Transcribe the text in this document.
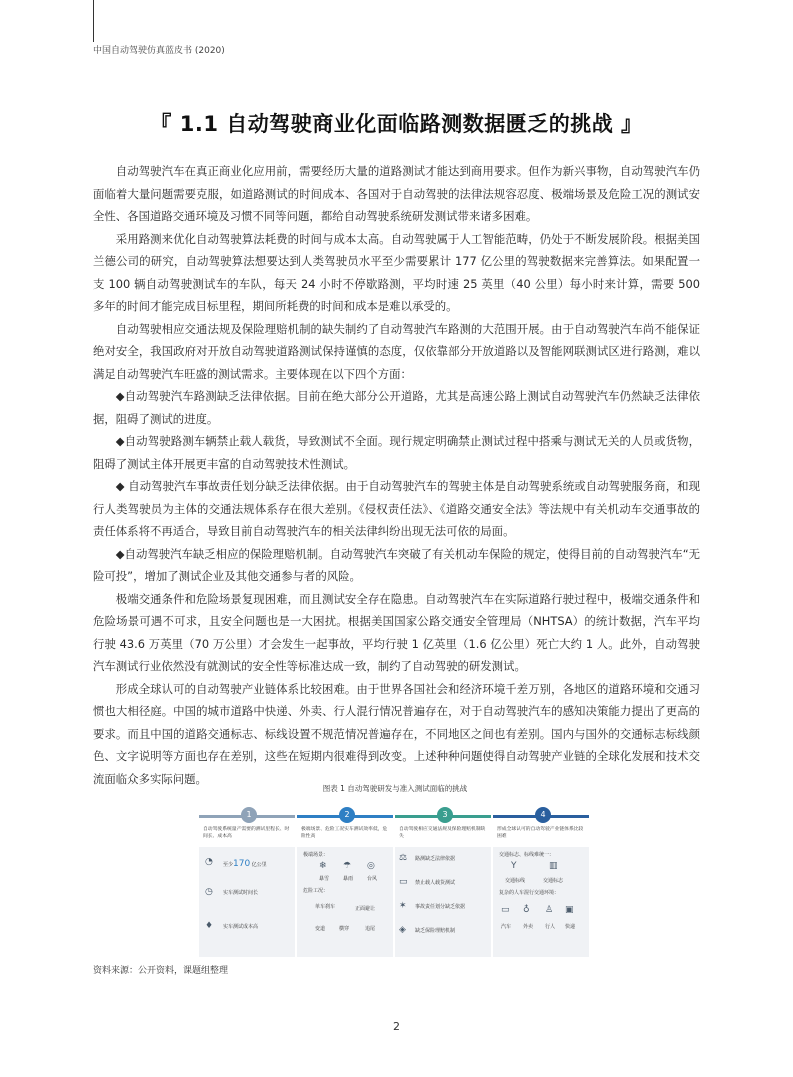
中国自动驾驶仿真蓝皮书 (2020)
『 1.1 自动驾驶商业化面临路测数据匮乏的挑战 』

自动驾驶汽车在真正商业化应用前，需要经历大量的道路测试才能达到商用要求。但作为新兴事物，自动驾驶汽车仍面临着大量问题需要克服，如道路测试的时间成本、各国对于自动驾驶的法律法规容忍度、极端场景及危险工况的测试安全性、各国道路交通环境及习惯不同等问题，都给自动驾驶系统研发测试带来诸多困难。

采用路测来优化自动驾驶算法耗费的时间与成本太高。自动驾驶属于人工智能范畴，仍处于不断发展阶段。根据美国兰德公司的研究，自动驾驶算法想要达到人类驾驶员水平至少需要累计 177 亿公里的驾驶数据来完善算法。如果配置一支 100 辆自动驾驶测试车的车队，每天 24 小时不停歇路测，平均时速 25 英里（40 公里）每小时来计算，需要 500 多年的时间才能完成目标里程，期间所耗费的时间和成本是难以承受的。

自动驾驶相应交通法规及保险理赔机制的缺失制约了自动驾驶汽车路测的大范围开展。由于自动驾驶汽车尚不能保证绝对安全，我国政府对开放自动驾驶道路测试保持谨慎的态度，仅依靠部分开放道路以及智能网联测试区进行路测，难以满足自动驾驶汽车旺盛的测试需求。主要体现在以下四个方面：

◆自动驾驶汽车路测缺乏法律依据。目前在绝大部分公开道路，尤其是高速公路上测试自动驾驶汽车仍然缺乏法律依据，阻碍了测试的进度。

◆自动驾驶路测车辆禁止载人载货，导致测试不全面。现行规定明确禁止测试过程中搭乘与测试无关的人员或货物，阻碍了测试主体开展更丰富的自动驾驶技术性测试。

◆ 自动驾驶汽车事故责任划分缺乏法律依据。由于自动驾驶汽车的驾驶主体是自动驾驶系统或自动驾驶服务商，和现行人类驾驶员为主体的交通法规体系存在很大差别。《侵权责任法》、《道路交通安全法》等法规中有关机动车交通事故的责任体系将不再适合，导致目前自动驾驶汽车的相关法律纠纷出现无法可依的局面。

◆自动驾驶汽车缺乏相应的保险理赔机制。自动驾驶汽车突破了有关机动车保险的规定，使得目前的自动驾驶汽车“无险可投”，增加了测试企业及其他交通参与者的风险。

极端交通条件和危险场景复现困难，而且测试安全存在隐患。自动驾驶汽车在实际道路行驶过程中，极端交通条件和危险场景可遇不可求，且安全问题也是一大困扰。根据美国国家公路交通安全管理局（NHTSA）的统计数据，汽车平均行驶 43.6 万英里（70 万公里）才会发生一起事故，平均行驶 1 亿英里（1.6 亿公里）死亡大约 1 人。此外，自动驾驶汽车测试行业依然没有就测试的安全性等标准达成一致，制约了自动驾驶的研发测试。

形成全球认可的自动驾驶产业链体系比较困难。由于世界各国社会和经济环境千差万别，各地区的道路环境和交通习惯也大相径庭。中国的城市道路中快递、外卖、行人混行情况普遍存在，对于自动驾驶汽车的感知决策能力提出了更高的要求。而且中国的道路交通标志、标线设置不规范情况普遍存在，不同地区之间也有差别。国内与国外的交通标志标线颜色、文字说明等方面也存在差别，这些在短期内很难得到改变。上述种种问题使得自动驾驶产业链的全球化发展和技术交流面临众多实际问题。

图表 1 自动驾驶研发与准入测试面临的挑战
1
自动驾驶系统量产需要的测试里程长、时间长、成本高
◔ 至少170 亿公里
◷ 实车测试时间长
♦ 实车测试成本高
2
极端场景、危险工况实车测试效率低，危险性高
极端场景：
❄ ☂ ◎
暴雪	暴雨	台风
危险工况：
单车刹车	正面避让
变道	横穿	追尾
3
自动驾驶相应交通法规及保险理赔机制缺失
⚖ 路测缺乏法律依据
▭ 禁止载人载货测试
✶ 事故责任划分缺乏依据
◈ 缺乏保险理赔机制
4
形成全球认可的自动驾驶产业链体系比较困难
交通标志、标线难统一：
Y	▥
交通标线	交通标志
复杂的人车混行交通环境：
▭ ♁ ♙ ▣
汽车 外卖 行人 快递
资料来源：公开资料，课题组整理
2
